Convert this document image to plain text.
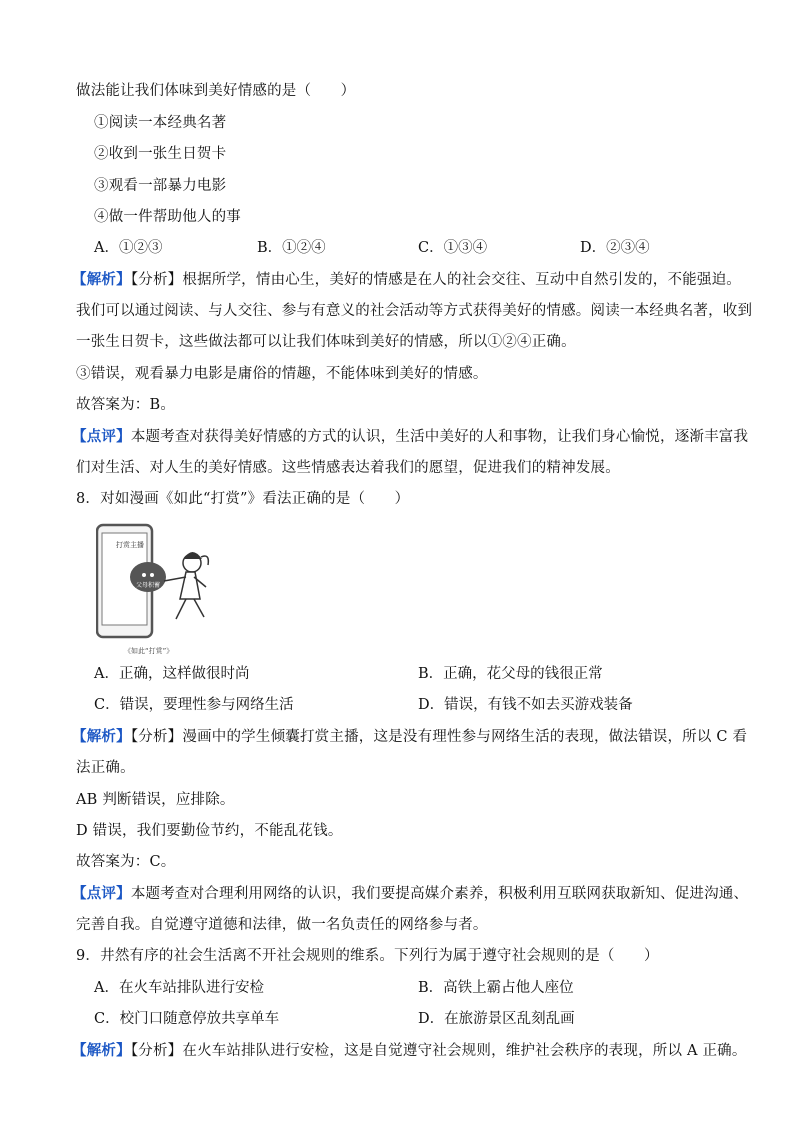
做法能让我们体味到美好情感的是（　　）
①阅读一本经典名著
②收到一张生日贺卡
③观看一部暴力电影
④做一件帮助他人的事
A．①②③	B．①②④	C．①③④	D．②③④
【解析】【分析】根据所学，情由心生，美好的情感是在人的社会交往、互动中自然引发的，不能强迫。
我们可以通过阅读、与人交往、参与有意义的社会活动等方式获得美好的情感。阅读一本经典名著，收到
一张生日贺卡，这些做法都可以让我们体味到美好的情感，所以①②④正确。
③错误，观看暴力电影是庸俗的情趣，不能体味到美好的情感。
故答案为：B。
【点评】本题考查对获得美好情感的方式的认识，生活中美好的人和事物，让我们身心愉悦，逐渐丰富我
们对生活、对人生的美好情感。这些情感表达着我们的愿望，促进我们的精神发展。
8．对如漫画《如此“打赏”》看法正确的是（　　）
打赏主播
父母积蓄
《如此“打赏”》
A．正确，这样做很时尚	B．正确，花父母的钱很正常
C．错误，要理性参与网络生活	D．错误，有钱不如去买游戏装备
【解析】【分析】漫画中的学生倾囊打赏主播，这是没有理性参与网络生活的表现，做法错误，所以 C 看
法正确。
AB 判断错误，应排除。
D 错误，我们要勤俭节约，不能乱花钱。
故答案为：C。
【点评】本题考查对合理利用网络的认识，我们要提高媒介素养，积极利用互联网获取新知、促进沟通、
完善自我。自觉遵守道德和法律，做一名负责任的网络参与者。
9．井然有序的社会生活离不开社会规则的维系。下列行为属于遵守社会规则的是（　　）
A．在火车站排队进行安检	B．高铁上霸占他人座位
C．校门口随意停放共享单车	D．在旅游景区乱刻乱画
【解析】【分析】在火车站排队进行安检，这是自觉遵守社会规则，维护社会秩序的表现，所以 A 正确。
